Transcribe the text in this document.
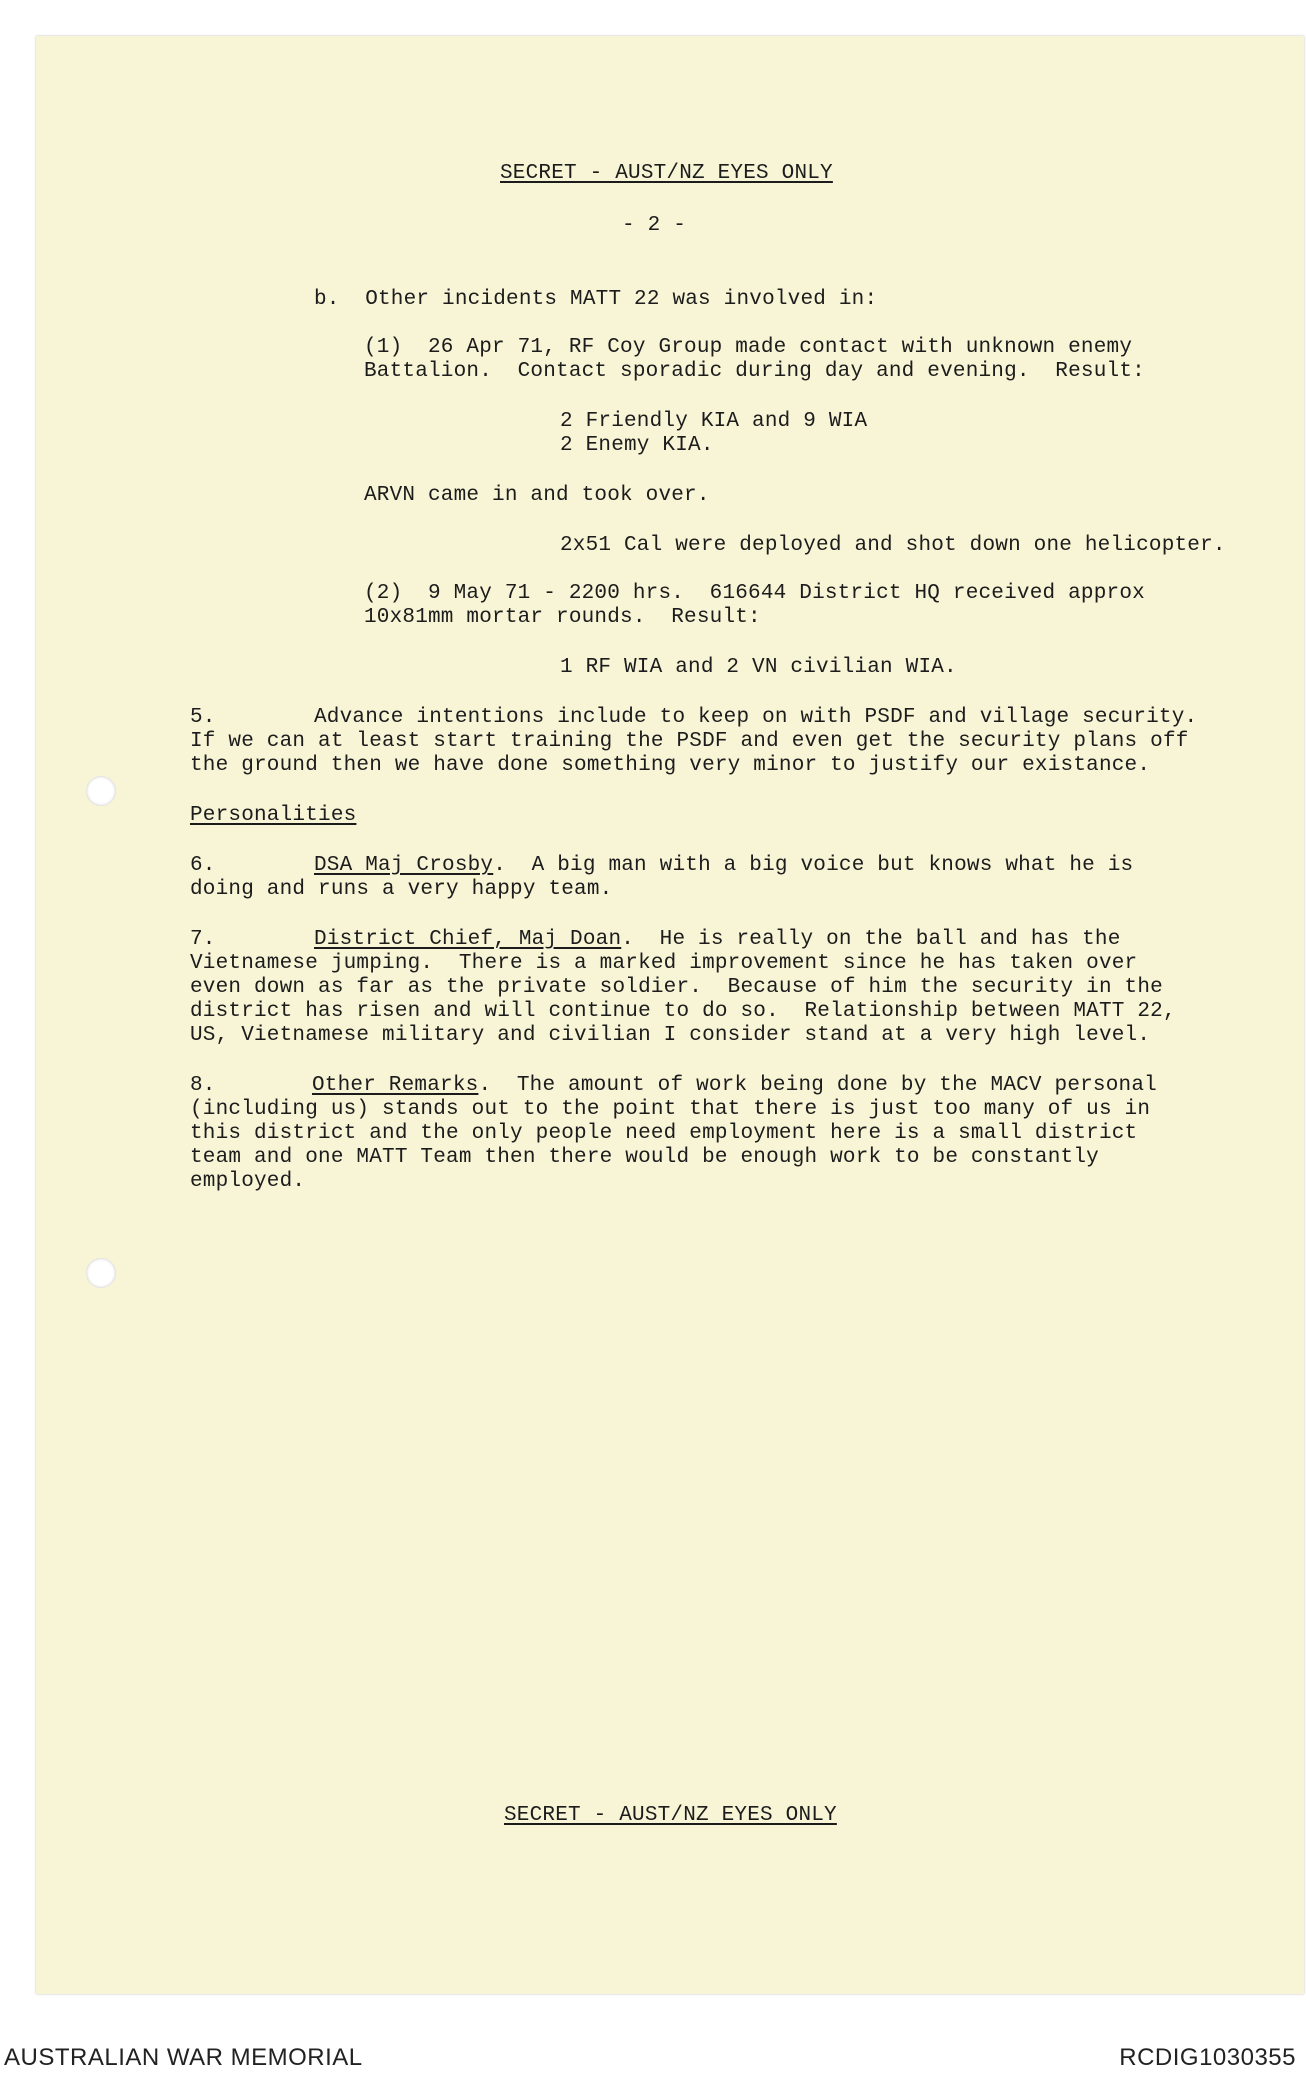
SECRET - AUST/NZ EYES ONLY

- 2 -

b.  Other incidents MATT 22 was involved in:

(1)  26 Apr 71, RF Coy Group made contact with unknown enemy

Battalion.  Contact sporadic during day and evening.  Result:

2 Friendly KIA and 9 WIA

2 Enemy KIA.

ARVN came in and took over.

2x51 Cal were deployed and shot down one helicopter.

(2)  9 May 71 - 2200 hrs.  616644 District HQ received approx

10x81mm mortar rounds.  Result:

1 RF WIA and 2 VN civilian WIA.

5.	Advance intentions include to keep on with PSDF and village security.

If we can at least start training the PSDF and even get the security plans off

the ground then we have done something very minor to justify our existance.

Personalities

6.	DSA Maj Crosby.  A big man with a big voice but knows what he is

doing and runs a very happy team.

7.	District Chief, Maj Doan.  He is really on the ball and has the

Vietnamese jumping.  There is a marked improvement since he has taken over

even down as far as the private soldier.  Because of him the security in the

district has risen and will continue to do so.  Relationship between MATT 22,

US, Vietnamese military and civilian I consider stand at a very high level.

8.	Other Remarks.  The amount of work being done by the MACV personal

(including us) stands out to the point that there is just too many of us in

this district and the only people need employment here is a small district

team and one MATT Team then there would be enough work to be constantly

employed.

SECRET - AUST/NZ EYES ONLY

AUSTRALIAN WAR MEMORIAL	RCDIG1030355
